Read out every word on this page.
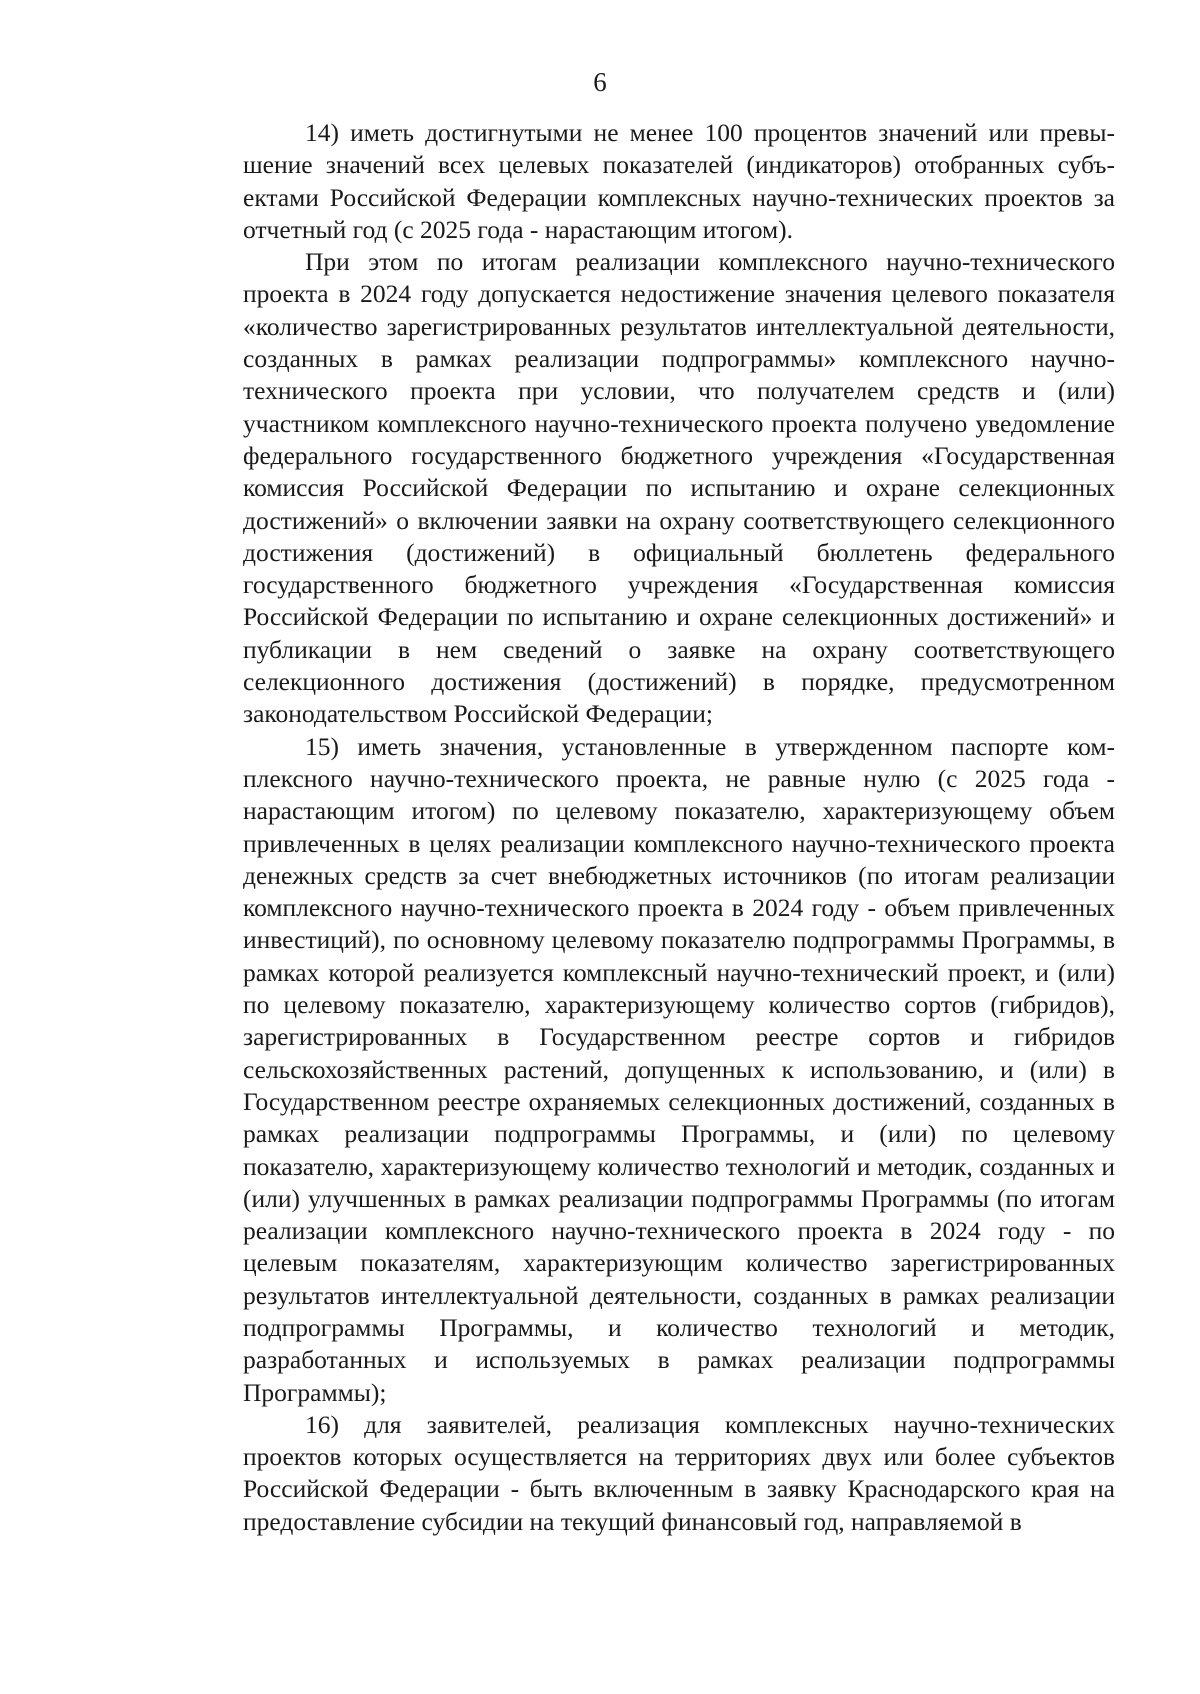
6

14) иметь достигнутыми не менее 100 процентов значений или превышение значений всех целевых показателей (индикаторов) отобранных субъектами Российской Федерации комплексных научно-технических проектов за отчетный год (с 2025 года - нарастающим итогом).

При этом по итогам реализации комплексного научно-технического проекта в 2024 году допускается недостижение значения целевого показателя «количество зарегистрированных результатов интеллектуальной деятельности, созданных в рамках реализации подпрограммы» комплексного научно-технического проекта при условии, что получателем средств и (или) участником комплексного научно-технического проекта получено уведомление федерального государственного бюджетного учреждения «Государственная комиссия Российской Федерации по испытанию и охране селекционных достижений» о включении заявки на охрану соответствующего селекционного достижения (достижений) в официальный бюллетень федерального государственного бюджетного учреждения «Государственная комиссия Российской Федерации по испытанию и охране селекционных достижений» и публикации в нем сведений о заявке на охрану соответствующего селекционного достижения (достижений) в порядке, предусмотренном законодательством Российской Федерации;

15) иметь значения, установленные в утвержденном паспорте комплексного научно-технического проекта, не равные нулю (с 2025 года - нарастающим итогом) по целевому показателю, характеризующему объем привлеченных в целях реализации комплексного научно-технического проекта денежных средств за счет внебюджетных источников (по итогам реализации комплексного научно-технического проекта в 2024 году - объем привлеченных инвестиций), по основному целевому показателю подпрограммы Программы, в рамках которой реализуется комплексный научно-технический проект, и (или) по целевому показателю, характеризующему количество сортов (гибридов), зарегистрированных в Государственном реестре сортов и гибридов сельскохозяйственных растений, допущенных к использованию, и (или) в Государственном реестре охраняемых селекционных достижений, созданных в рамках реализации подпрограммы Программы, и (или) по целевому показателю, характеризующему количество технологий и методик, созданных и (или) улучшенных в рамках реализации подпрограммы Программы (по итогам реализации комплексного научно-технического проекта в 2024 году - по целевым показателям, характеризующим количество зарегистрированных результатов интеллектуальной деятельности, созданных в рамках реализации подпрограммы Программы, и количество технологий и методик, разработанных и используемых в рамках реализации подпрограммы Программы);

16) для заявителей, реализация комплексных научно-технических проектов которых осуществляется на территориях двух или более субъектов Российской Федерации - быть включенным в заявку Краснодарского края на предоставление субсидии на текущий финансовый год, направляемой в
